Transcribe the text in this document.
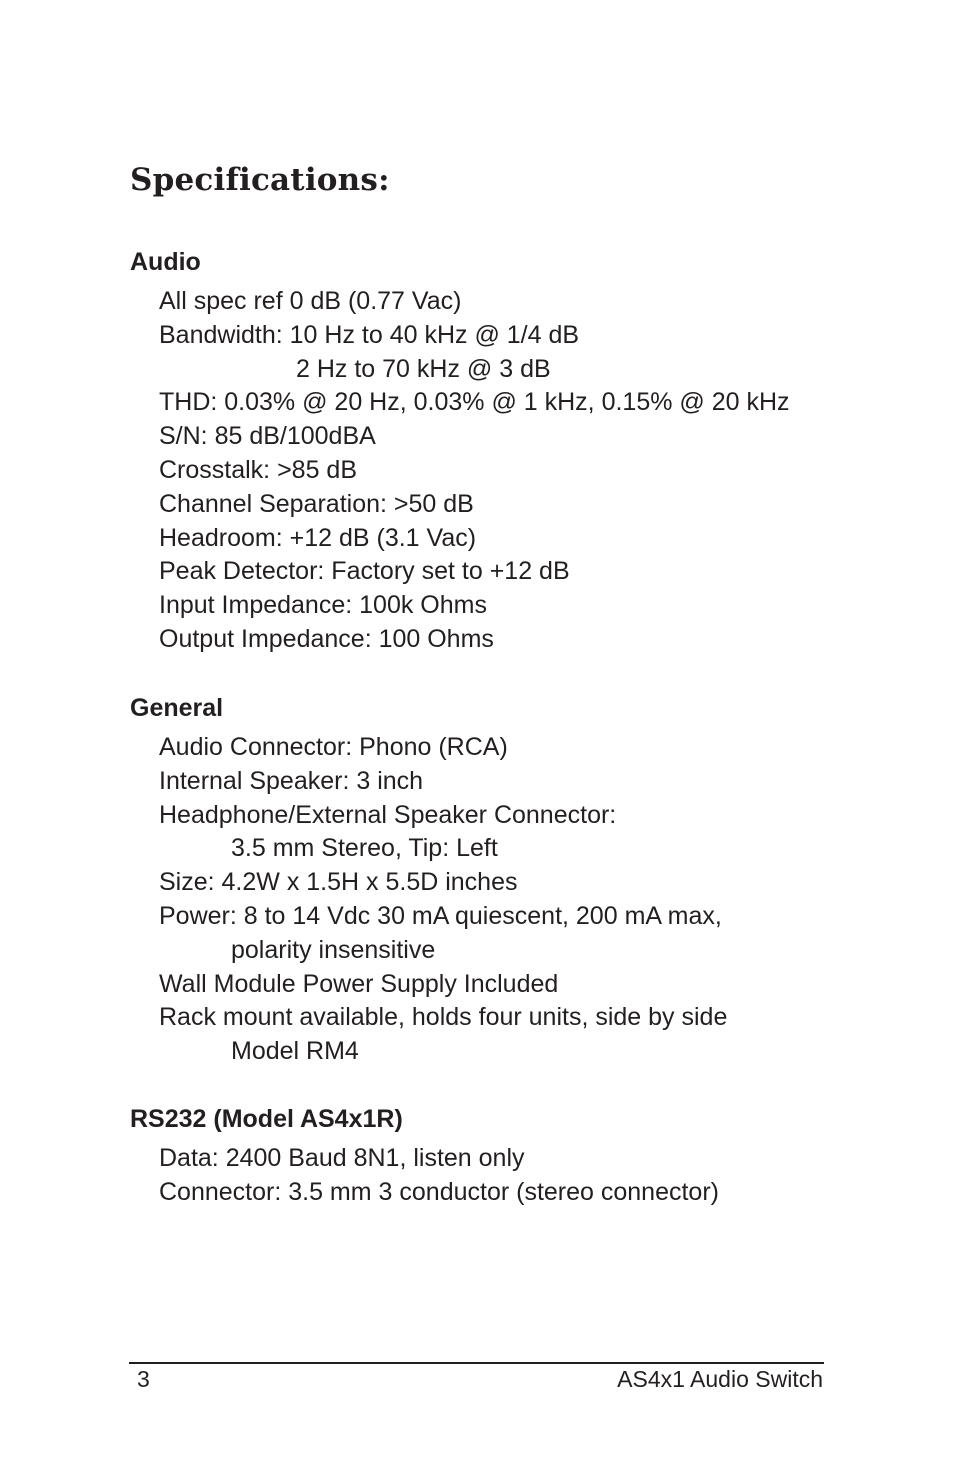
Specifications:
Audio
All spec ref 0 dB (0.77 Vac)
Bandwidth: 10 Hz to 40 kHz @ 1/4 dB
2 Hz to 70 kHz @ 3 dB
THD: 0.03% @ 20 Hz, 0.03% @ 1 kHz, 0.15% @ 20 kHz
S/N: 85 dB/100dBA
Crosstalk: >85 dB
Channel Separation: >50 dB
Headroom: +12 dB (3.1 Vac)
Peak Detector: Factory set to +12 dB
Input Impedance: 100k Ohms
Output Impedance: 100 Ohms
General
Audio Connector: Phono (RCA)
Internal Speaker: 3 inch
Headphone/External Speaker Connector:
3.5 mm Stereo, Tip: Left
Size: 4.2W x 1.5H x 5.5D inches
Power: 8 to 14 Vdc 30 mA quiescent, 200 mA max,
polarity insensitive
Wall Module Power Supply Included
Rack mount available, holds four units, side by side
Model RM4
RS232 (Model AS4x1R)
Data: 2400 Baud 8N1, listen only
Connector: 3.5 mm 3 conductor (stereo connector)
3	AS4x1 Audio Switch
